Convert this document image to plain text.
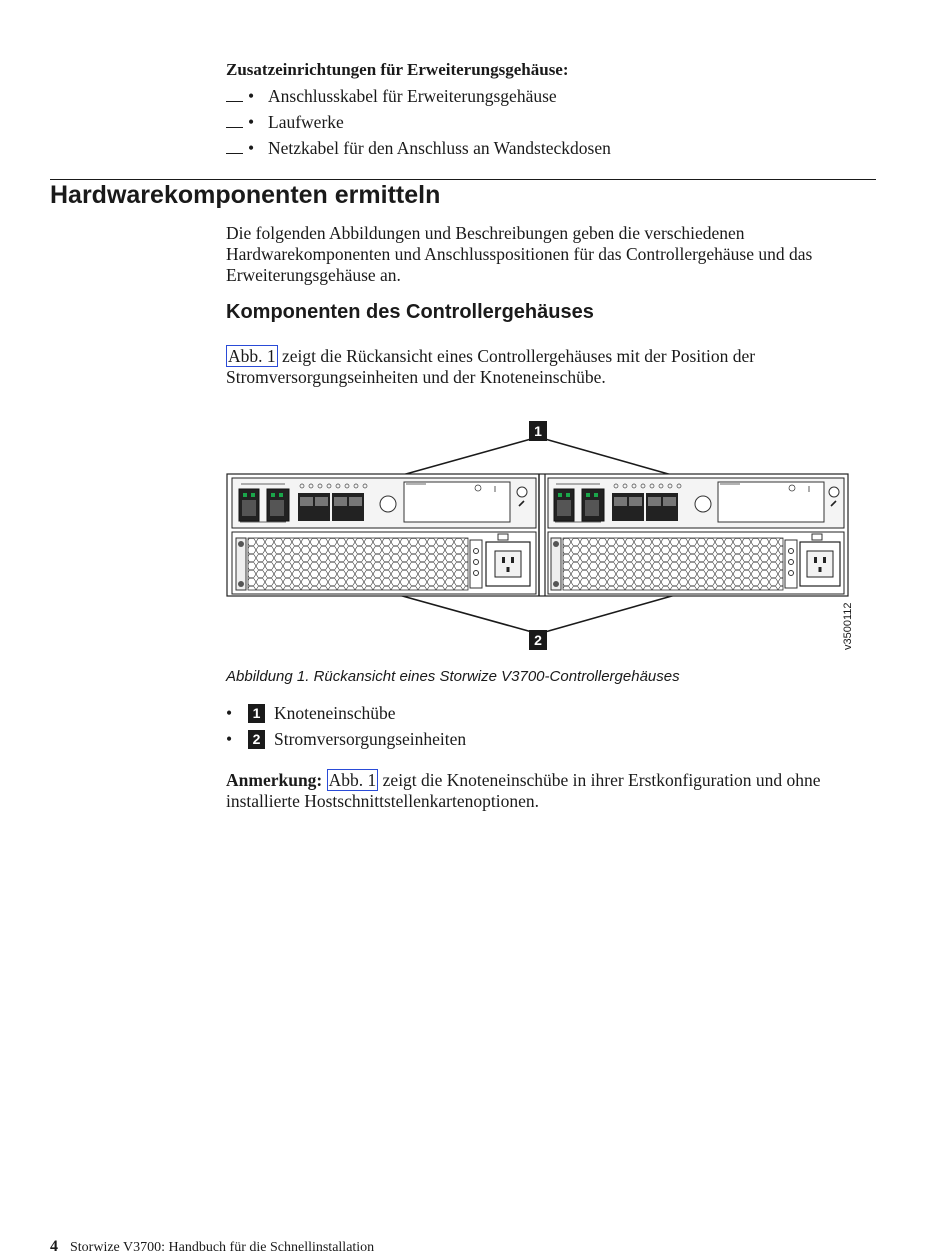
Zusatzeinrichtungen für Erweiterungsgehäuse:
• Anschlusskabel für Erweiterungsgehäuse
• Laufwerke
• Netzkabel für den Anschluss an Wandsteckdosen
Hardwarekomponenten ermitteln
Die folgenden Abbildungen und Beschreibungen geben die verschiedenen Hardwarekomponenten und Anschlusspositionen für das Controllergehäuse und das Erweiterungsgehäuse an.
Komponenten des Controllergehäuses
Abb. 1 zeigt die Rückansicht eines Controllergehäuses mit der Position der Stromversorgungseinheiten und der Knoteneinschübe.
1
2	v3500112
Abbildung 1. Rückansicht eines Storwize V3700-Controllergehäuses
• 1 Knoteneinschübe
• 2 Stromversorgungseinheiten
Anmerkung: Abb. 1 zeigt die Knoteneinschübe in ihrer Erstkonfiguration und ohne installierte Hostschnittstellenkartenoptionen.
4 Storwize V3700: Handbuch für die Schnellinstallation
